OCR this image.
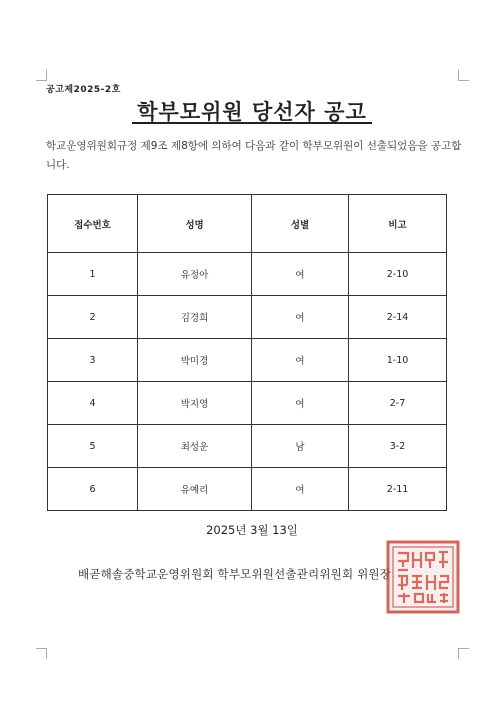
공고제2025-2호
학부모위원 당선자 공고
학교운영위원회규정 제9조 제8항에 의하여 다음과 같이 학부모위원이 선출되었음을 공고합니다.
접수번호	성명	성별	비고
1	유정아	여	2-10
2	김경희	여	2-14
3	박미경	여	1-10
4	박지영	여	2-7
5	최성운	남	3-2
6	유예리	여	2-11
2025년 3월 13일
배곧해솔중학교운영위원회 학부모위원선출관리위원회 위원장
